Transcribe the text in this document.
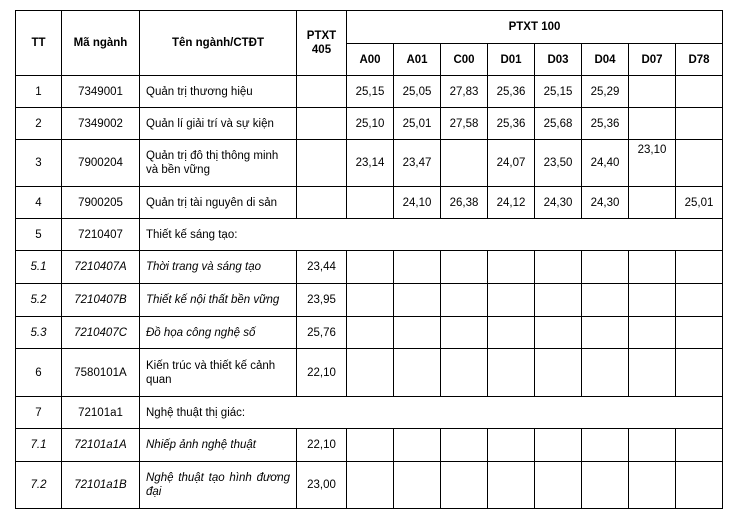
TT	Mã ngành	Tên ngành/CTĐT	PTXT 405	PTXT 100							
				A00	A01	C00	D01	D03	D04	D07	D78
1	7349001	Quản trị thương hiệu		25,15	25,05	27,83	25,36	25,15	25,29		
2	7349002	Quản lí giải trí và sự kiện		25,10	25,01	27,58	25,36	25,68	25,36		
3	7900204	Quản trị đô thị thông minh và bền vững		23,14	23,47		24,07	23,50	24,40	23,10	
4	7900205	Quản trị tài nguyên di sản			24,10	26,38	24,12	24,30	24,30		25,01
5	7210407	Thiết kế sáng tạo:									
5.1	7210407A	Thời trang và sáng tạo	23,44								
5.2	7210407B	Thiết kế nội thất bền vững	23,95								
5.3	7210407C	Đồ họa công nghệ số	25,76								
6	7580101A	Kiến trúc và thiết kế cảnh quan	22,10								
7	72101a1	Nghệ thuật thị giác:									
7.1	72101a1A	Nhiếp ảnh nghệ thuật	22,10								
7.2	72101a1B	Nghệ thuật tạo hình đương đại	23,00								
